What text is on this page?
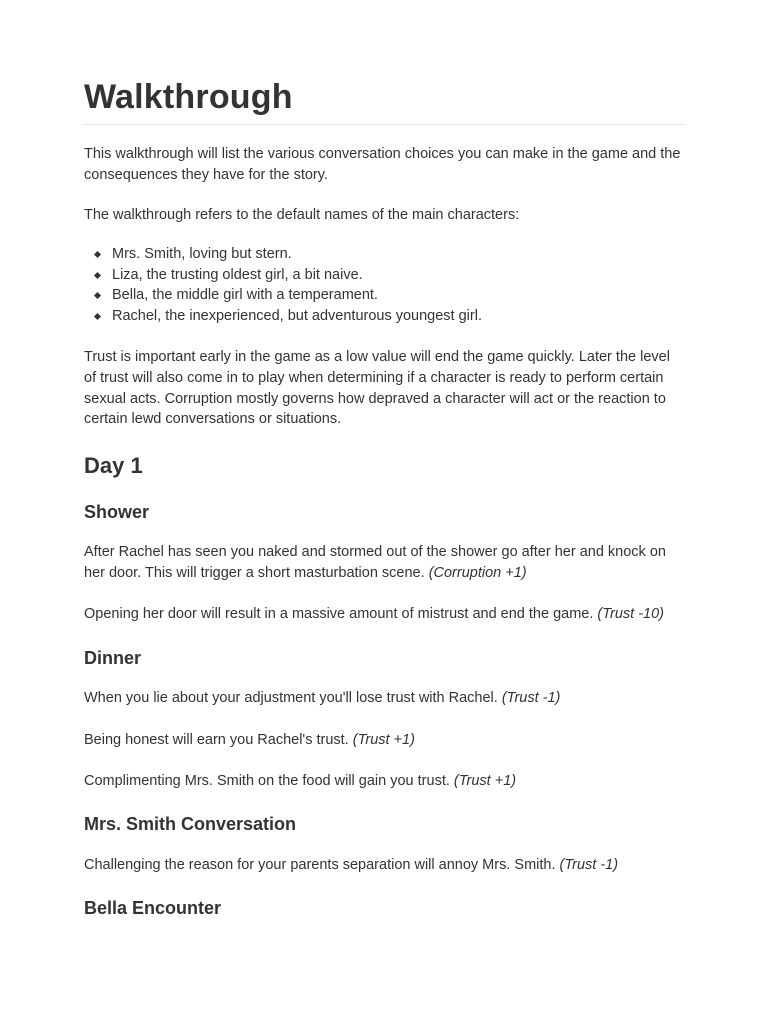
Walkthrough

This walkthrough will list the various conversation choices you can make in the game and the consequences they have for the story.

The walkthrough refers to the default names of the main characters:

Mrs. Smith, loving but stern.
Liza, the trusting oldest girl, a bit naive.
Bella, the middle girl with a temperament.
Rachel, the inexperienced, but adventurous youngest girl.

Trust is important early in the game as a low value will end the game quickly. Later the level of trust will also come in to play when determining if a character is ready to perform certain sexual acts. Corruption mostly governs how depraved a character will act or the reaction to certain lewd conversations or situations.

Day 1
Shower

After Rachel has seen you naked and stormed out of the shower go after her and knock on her door. This will trigger a short masturbation scene. (Corruption +1)

Opening her door will result in a massive amount of mistrust and end the game. (Trust -10)

Dinner

When you lie about your adjustment you'll lose trust with Rachel. (Trust -1)

Being honest will earn you Rachel's trust. (Trust +1)

Complimenting Mrs. Smith on the food will gain you trust. (Trust +1)

Mrs. Smith Conversation

Challenging the reason for your parents separation will annoy Mrs. Smith. (Trust -1)

Bella Encounter
